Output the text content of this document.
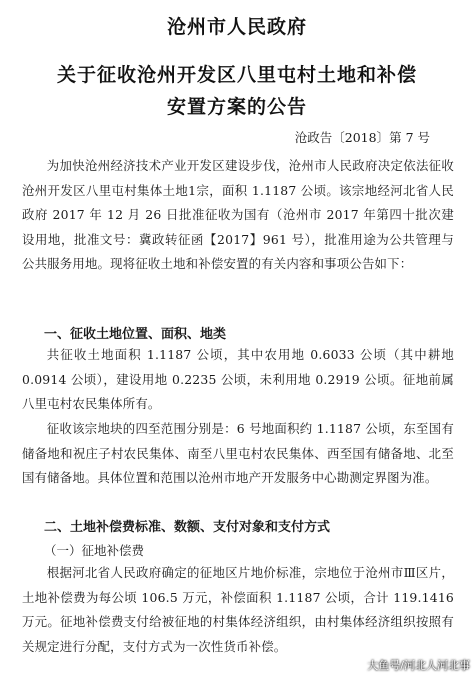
沧州市人民政府
关于征收沧州开发区八里屯村土地和补偿
安置方案的公告
沧政告〔2018〕第 7 号
为加快沧州经济技术产业开发区建设步伐，沧州市人民政府决定依法征收沧州开发区八里屯村集体土地1宗，面积 1.1187 公顷。该宗地经河北省人民政府 2017 年 12 月 26 日批准征收为国有（沧州市 2017 年第四十批次建设用地，批准文号：冀政转征函【2017】961 号），批准用途为公共管理与公共服务用地。现将征收土地和补偿安置的有关内容和事项公告如下：
一、征收土地位置、面积、地类
共征收土地面积 1.1187 公顷，其中农用地 0.6033 公顷（其中耕地 0.0914 公顷），建设用地 0.2235 公顷，未利用地 0.2919 公顷。征地前属八里屯村农民集体所有。
征收该宗地块的四至范围分别是：6 号地面积约 1.1187 公顷，东至国有储备地和祝庄子村农民集体、南至八里屯村农民集体、西至国有储备地、北至国有储备地。具体位置和范围以沧州市地产开发服务中心勘测定界图为准。
二、土地补偿费标准、数额、支付对象和支付方式
（一）征地补偿费
根据河北省人民政府确定的征地区片地价标准，宗地位于沧州市Ⅲ区片，土地补偿费为每公顷 106.5 万元，补偿面积 1.1187 公顷，合计 119.1416 万元。征地补偿费支付给被征地的村集体经济组织，由村集体经济组织按照有关规定进行分配，支付方式为一次性货币补偿。
大鱼号/河北人河北事
